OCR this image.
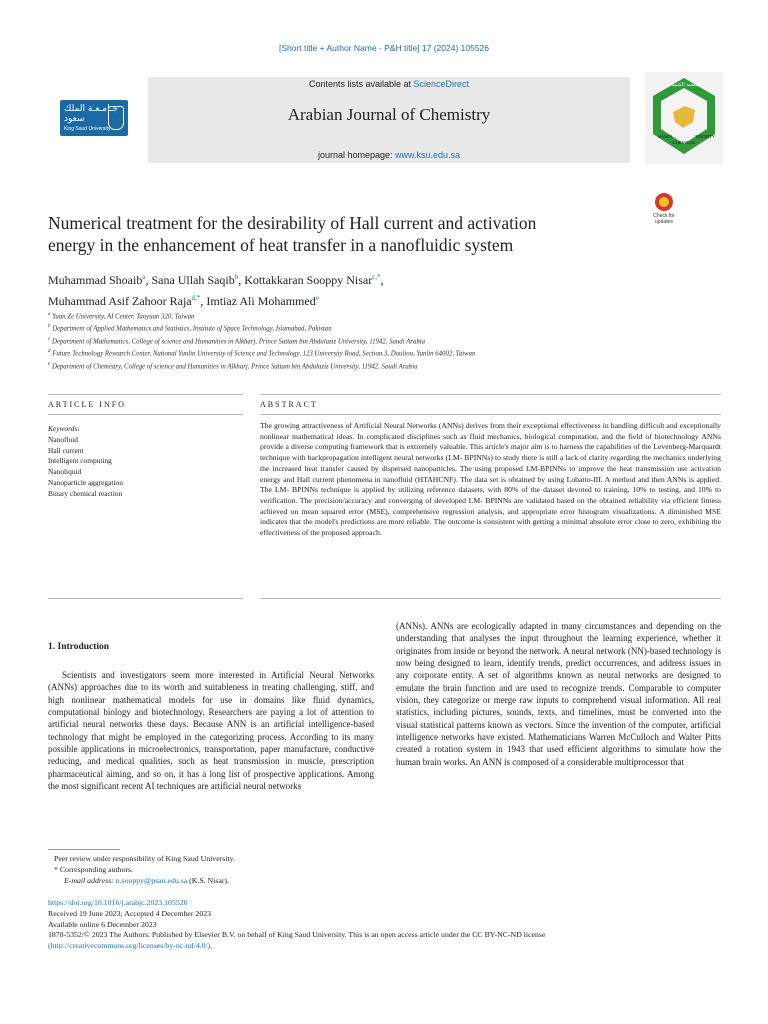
[Short title + Author Name - P&H title] 17 (2024) 105526
جـامـعـة الملك سعود
King Saud University
Contents lists available at ScienceDirect
Arabian Journal of Chemistry
journal homepage: www.ksu.edu.sa
الجمعية الكيميائية
SAUDI	SOCIETY
CHEMICAL
Check for
updates
Numerical treatment for the desirability of Hall current and activation
energy in the enhancement of heat transfer in a nanofluidic system
Muhammad Shoaib$^a$, Sana Ullah Saqib$^b$, Kottakkaran Sooppy Nisar$^{c,*}$,
Muhammad Asif Zahoor Raja$^{d,*}$, Imtiaz Ali Mohammed$^e$
$^a$ Yuan Ze University, AI Center, Taoyuan 320, Taiwan
$^b$ Department of Applied Mathematics and Statistics, Institute of Space Technology, Islamabad, Pakistan
$^c$ Department of Mathematics, College of science and Humanities in Alkharj, Prince Sattam bin Abdulaziz University, 11942, Saudi Arabia
$^d$ Future Technology Research Center, National Yunlin University of Science and Technology, 123 University Road, Section.3, Douliou, Yunlin 64002, Taiwan
$^e$ Department of Chemistry, College of science and Humanities in Alkharj, Prince Sattam bin Abdulaziz University, 11942, Saudi Arabia
ARTICLE INFO	ABSTRACT
Keywords:
Nanofluid
Hall current
Intelligent computing
Nanoliquid
Nanoparticle aggregation
Binary chemical reaction
The growing attractiveness of Artificial Neural Networks (ANNs) derives from their exceptional effectiveness in handling difficult and exceptionally nonlinear mathematical ideas. In complicated disciplines such as fluid mechanics, biological computation, and the field of biotechnology ANNs provide a diverse computing framework that is extremely valuable. This article's major aim is to harness the capabilities of the Levenberg-Marquardt technique with backpropagation intelligent neural networks (LM- BPINNs) to study there is still a lack of clarity regarding the mechanics underlying the increased heat transfer caused by dispersed nanoparticles. The using proposed LM-BPINNs to improve the heat transmission use activation energy and Hall current phenomena in nanofluid (HTAHCNF). The data set is obtained by using Lobatto-III. A method and then ANNs is applied. The LM- BPINNs technique is applied by utilizing reference datasets, with 80% of the dataset devoted to training, 10% to testing, and 10% to verification. The precision/accuracy and converging of developed LM- BPINNs are validated based on the obtained reliability via efficient fitness achieved on mean squared error (MSE), comprehensive regression analysis, and appropriate error histogram visualizations. A diminished MSE indicates that the model's predictions are more reliable. The outcome is consistent with getting a minimal absolute error close to zero, exhibiting the effectiveness of the proposed approach.
1. Introduction
Scientists and investigators seem more interested in Artificial Neural Networks (ANNs) approaches due to its worth and suitableness in treating challenging, stiff, and high nonlinear mathematical models for use in domains like fluid dynamics, computational biology and biotechnology. Researchers are paying a lot of attention to artificial neural networks these days. Because ANN is an artificial intelligence-based technology that might be employed in the categorizing process. According to its many possible applications in microelectronics, transportation, paper manufacture, conductive reducing, and medical qualities, such as heat transmission in muscle, prescription pharmaceutical aiming, and so on, it has a long list of prospective applications. Among the most significant recent AI techniques are artificial neural networks
(ANNs). ANNs are ecologically adapted in many circumstances and depending on the understanding that analyses the input throughout the learning experience, whether it originates from inside or beyond the network. A neural network (NN)-based technology is now being designed to learn, identify trends, predict occurrences, and address issues in any corporate entity. A set of algorithms known as neural networks are designed to emulate the brain function and are used to recognize trends. Comparable to computer vision, they categorize or merge raw inputs to comprehend visual information. All real statistics, including pictures, sounds, texts, and timelines, must be converted into the visual statistical patterns known as vectors. Since the invention of the computer, artificial intelligence networks have existed. Mathematicians Warren McCulloch and Walter Pitts created a rotation system in 1943 that used efficient algorithms to simulate how the human brain works. An ANN is composed of a considerable multiprocessor that
Peer review under responsibility of King Saud University.
* Corresponding authors.
E-mail address: n.sooppy@psau.edu.sa (K.S. Nisar).
https://doi.org/10.1016/j.arabjc.2023.105526
Received 19 June 2023; Accepted 4 December 2023
Available online 6 December 2023
1878-5352/© 2023 The Authors. Published by Elsevier B.V. on behalf of King Saud University. This is an open access article under the CC BY-NC-ND license
(http://creativecommons.org/licenses/by-nc-nd/4.0/).
